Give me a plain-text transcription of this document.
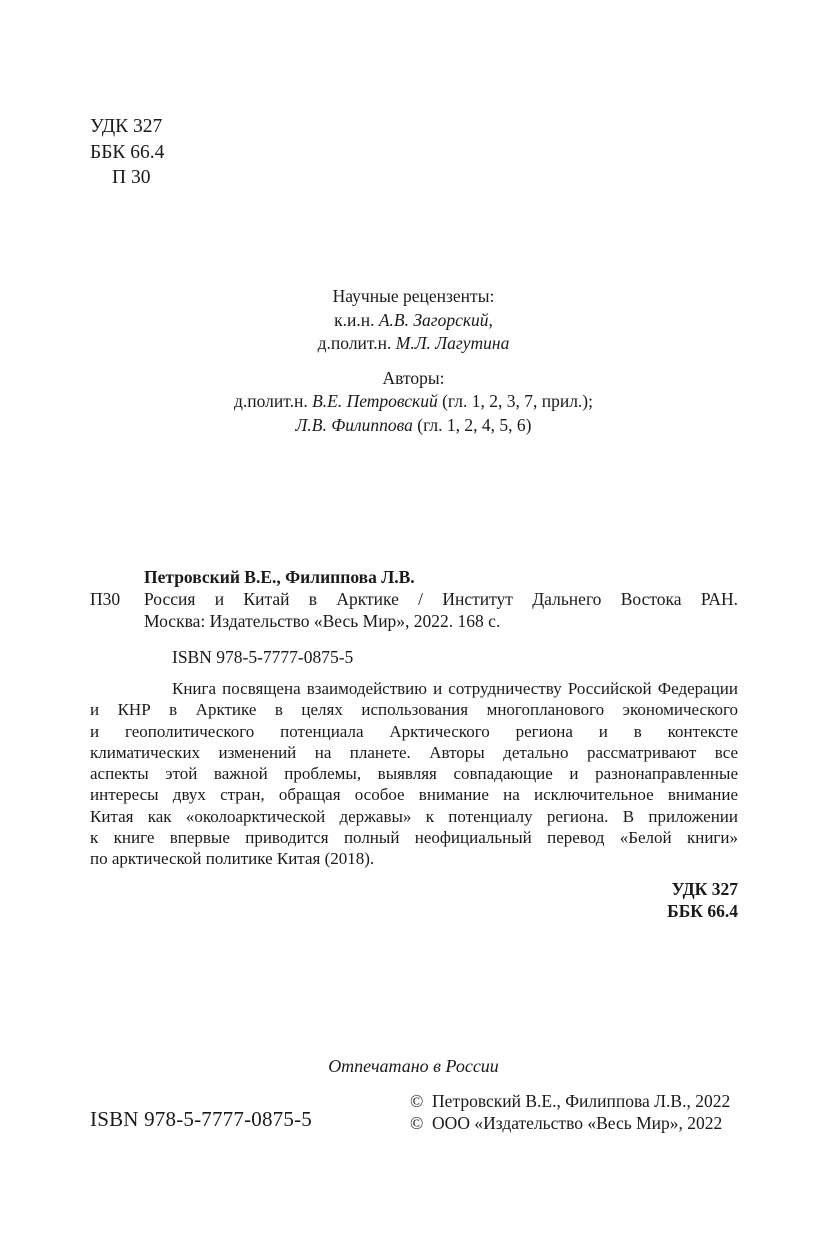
УДК 327
ББК 66.4
П 30
Научные рецензенты:
к.и.н. А.В. Загорский,
д.полит.н. М.Л. Лагутина
Авторы:
д.полит.н. В.Е. Петровский (гл. 1, 2, 3, 7, прил.);
Л.В. Филиппова (гл. 1, 2, 4, 5, 6)
Петровский В.Е., Филиппова Л.В.
П30 Россия и Китай в Арктике / Институт Дальнего Востока РАН.
Москва: Издательство «Весь Мир», 2022. 168 с.
ISBN 978-5-7777-0875-5
Книга посвящена взаимодействию и сотрудничеству Российской Федерации
и КНР в Арктике в целях использования многопланового экономического
и геополитического потенциала Арктического региона и в контексте
климатических изменений на планете. Авторы детально рассматривают все
аспекты этой важной проблемы, выявляя совпадающие и разнонаправленные
интересы двух стран, обращая особое внимание на исключительное внимание
Китая как «околоарктической державы» к потенциалу региона. В приложении
к книге впервые приводится полный неофициальный перевод «Белой книги»
по арктической политике Китая (2018).
УДК 327
ББК 66.4
Отпечатано в России
ISBN 978-5-7777-0875-5
©  Петровский В.Е., Филиппова Л.В., 2022
©  ООО «Издательство «Весь Мир», 2022
